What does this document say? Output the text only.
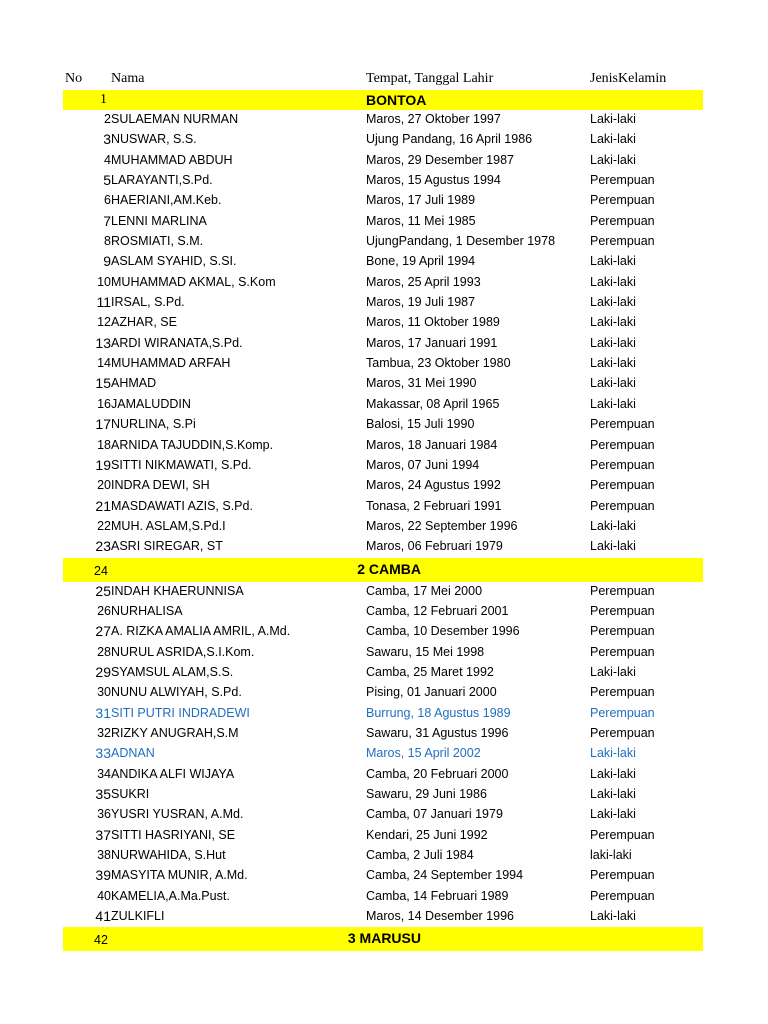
No Nama	Tempat, Tanggal Lahir	JenisKelamin
1	BONTOA
2 SULAEMAN NURMAN	Maros, 27 Oktober 1997	Laki-laki
3 NUSWAR, S.S.	Ujung Pandang, 16 April 1986	Laki-laki
4 MUHAMMAD ABDUH	Maros, 29 Desember 1987	Laki-laki
5 LARAYANTI,S.Pd.	Maros, 15 Agustus 1994	Perempuan
6 HAERIANI,AM.Keb.	Maros, 17 Juli 1989	Perempuan
7 LENNI MARLINA	Maros, 11 Mei 1985	Perempuan
8 ROSMIATI, S.M.	UjungPandang, 1 Desember 1978	Perempuan
9 ASLAM SYAHID, S.SI.	Bone, 19 April 1994	Laki-laki
10 MUHAMMAD AKMAL, S.Kom	Maros, 25 April 1993	Laki-laki
11 IRSAL, S.Pd.	Maros, 19 Juli 1987	Laki-laki
12 AZHAR, SE	Maros, 11 Oktober 1989	Laki-laki
13 ARDI WIRANATA,S.Pd.	Maros, 17 Januari 1991	Laki-laki
14 MUHAMMAD ARFAH	Tambua, 23 Oktober 1980	Laki-laki
15 AHMAD	Maros, 31 Mei 1990	Laki-laki
16 JAMALUDDIN	Makassar, 08 April 1965	Laki-laki
17 NURLINA, S.Pi	Balosi, 15 Juli 1990	Perempuan
18 ARNIDA TAJUDDIN,S.Komp.	Maros, 18 Januari 1984	Perempuan
19 SITTI NIKMAWATI, S.Pd.	Maros, 07 Juni 1994	Perempuan
20 INDRA DEWI, SH	Maros, 24 Agustus 1992	Perempuan
21 MASDAWATI AZIS, S.Pd.	Tonasa, 2 Februari 1991	Perempuan
22 MUH. ASLAM,S.Pd.I	Maros, 22 September 1996	Laki-laki
23 ASRI SIREGAR, ST	Maros, 06 Februari 1979	Laki-laki
24	2 CAMBA
25 INDAH KHAERUNNISA	Camba, 17 Mei 2000	Perempuan
26 NURHALISA	Camba, 12 Februari 2001	Perempuan
27 A. RIZKA AMALIA AMRIL, A.Md.	Camba, 10 Desember 1996	Perempuan
28 NURUL ASRIDA,S.I.Kom.	Sawaru, 15 Mei 1998	Perempuan
29 SYAMSUL ALAM,S.S.	Camba, 25 Maret 1992	Laki-laki
30 NUNU ALWIYAH, S.Pd.	Pising, 01 Januari 2000	Perempuan
31 SITI PUTRI INDRADEWI	Burrung, 18 Agustus 1989	Perempuan
32 RIZKY ANUGRAH,S.M	Sawaru, 31 Agustus 1996	Perempuan
33 ADNAN	Maros, 15 April 2002	Laki-laki
34 ANDIKA ALFI WIJAYA	Camba, 20 Februari 2000	Laki-laki
35 SUKRI	Sawaru, 29 Juni 1986	Laki-laki
36 YUSRI YUSRAN, A.Md.	Camba, 07 Januari 1979	Laki-laki
37 SITTI HASRIYANI, SE	Kendari, 25 Juni 1992	Perempuan
38 NURWAHIDA, S.Hut	Camba, 2 Juli 1984	laki-laki
39 MASYITA MUNIR, A.Md.	Camba, 24 September 1994	Perempuan
40 KAMELIA,A.Ma.Pust.	Camba, 14 Februari 1989	Perempuan
41 ZULKIFLI	Maros, 14 Desember 1996	Laki-laki
42	3 MARUSU
